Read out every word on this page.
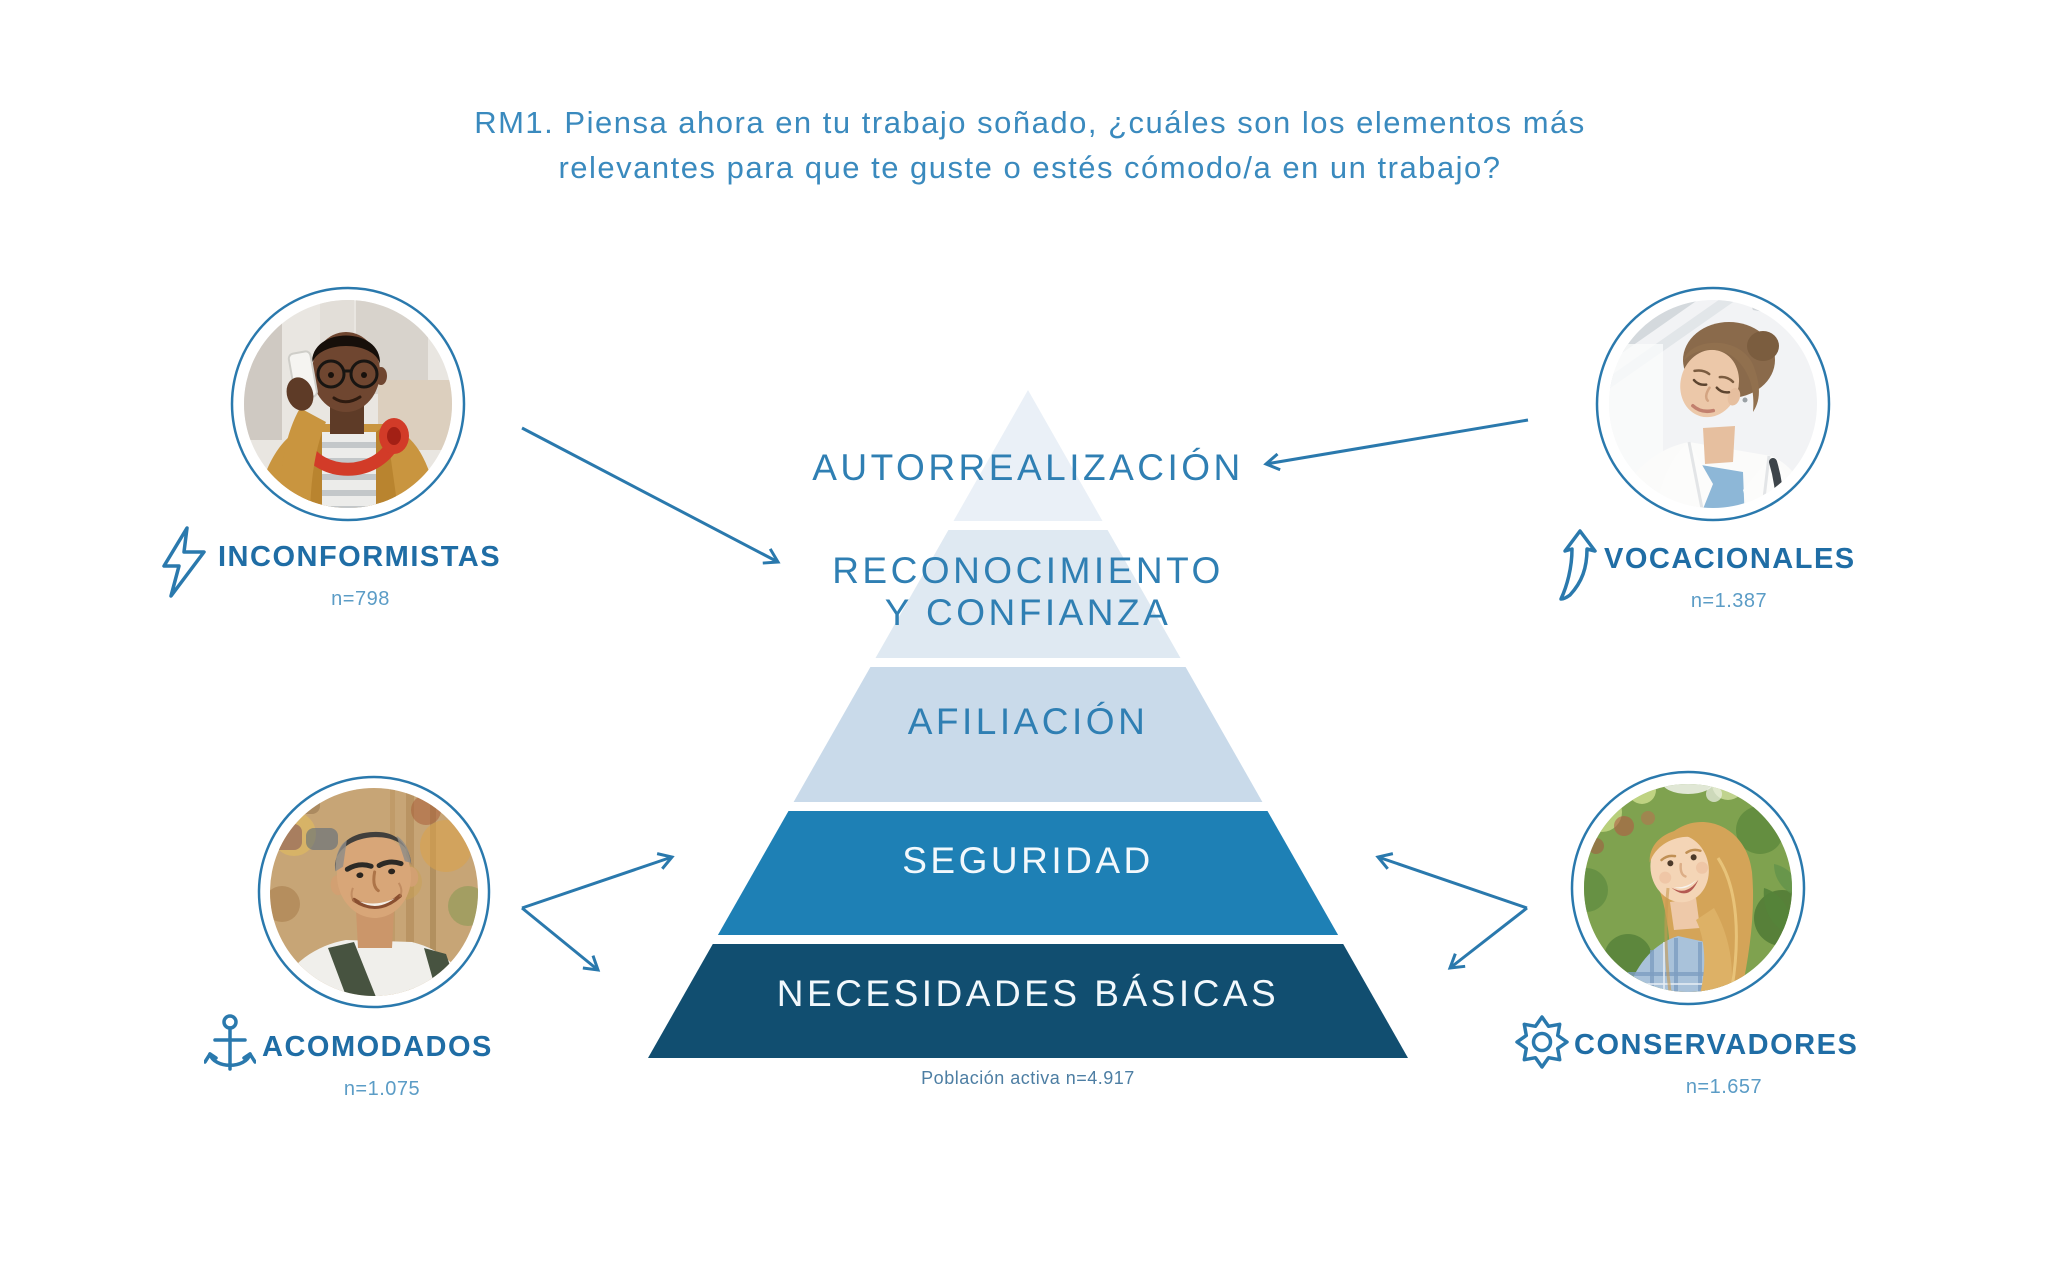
RM1. Piensa ahora en tu trabajo soñado, ¿cuáles son los elementos más
relevantes para que te guste o estés cómodo/a en un trabajo?
AUTORREALIZACIÓN
RECONOCIMIENTO
Y CONFIANZA
AFILIACIÓN
SEGURIDAD
NECESIDADES BÁSICAS
Población activa n=4.917
INCONFORMISTAS
n=798
VOCACIONALES
n=1.387
ACOMODADOS
n=1.075
CONSERVADORES
n=1.657
